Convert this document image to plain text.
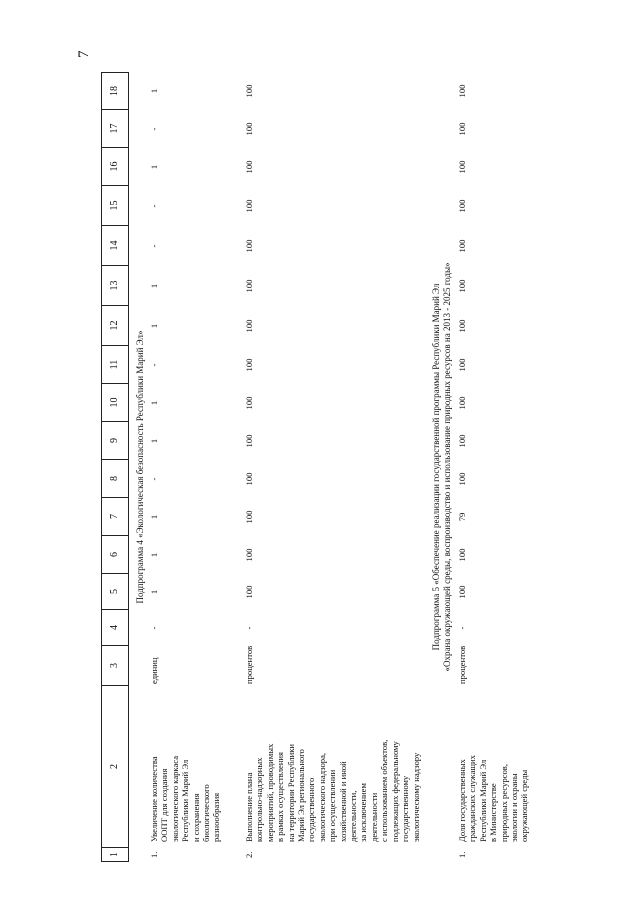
7
1
2
3
4
5
6
7
8
9
10
11
12
13
14
15
16
17
18
Подпрограмма 4 «Экологическая безопасность Республики Марий Эл»
1.
Увеличение количества ООПТ для создания экологического каркаса Республики Марий Эл и сохранения биологического разнообразия
единиц
-
1
1
1
-
1
1
-
1
1
-
-
1
-
1
2.
Выполнение плана контрольно-надзорных мероприятий, проводимых в рамках осуществления на территории Республики Марий Эл регионального государственного экологического надзора, при осуществлении хозяйственной и иной деятельности, за исключением деятельности с использованием объектов, подлежащих федеральному государственному экологическому надзору
процентов
-
100
100
100
100
100
100
100
100
100
100
100
100
100
100
Подпрограмма 5 «Обеспечение реализации государственной программы Республики Марий Эл «Охрана окружающей среды, воспроизводство и использование природных ресурсов на 2013 - 2025 годы»
1.
Доля государственных гражданских служащих Республики Марий Эл в Министерстве природных ресурсов, экологии и охраны окружающей среды
процентов
-
100
100
79
100
100
100
100
100
100
100
100
100
100
100
